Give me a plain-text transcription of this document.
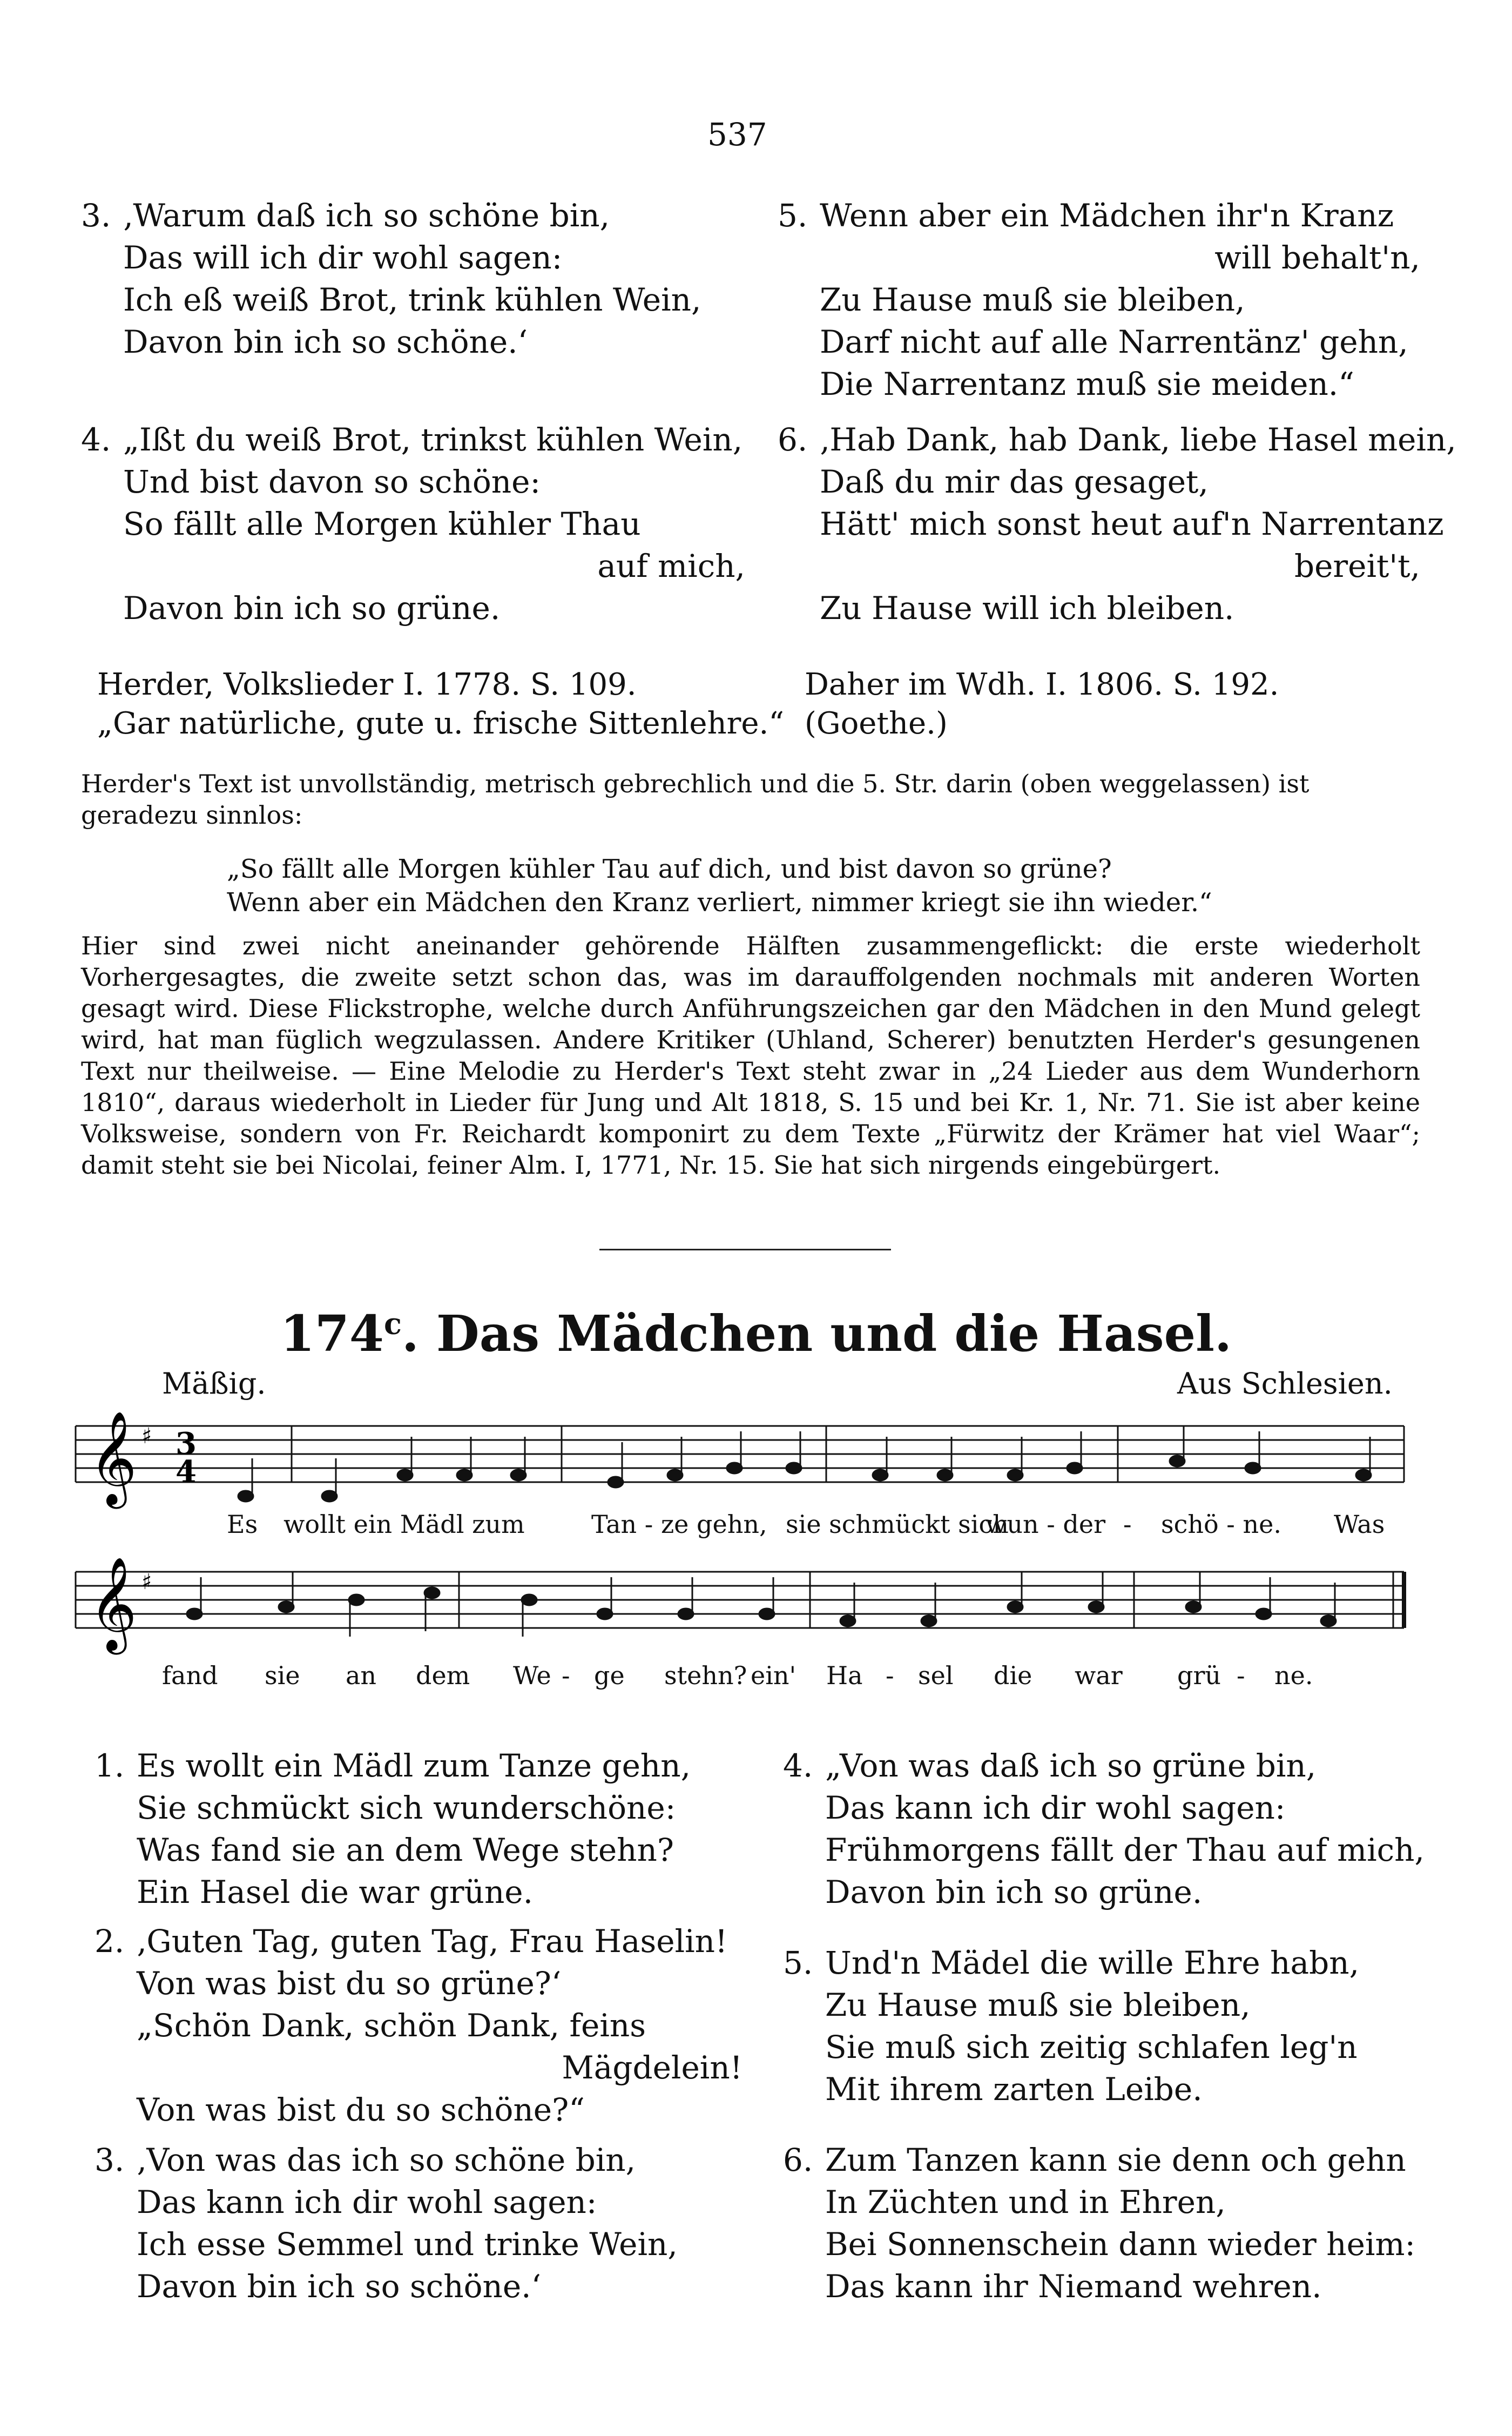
537
3. ‚Warum daß ich so schöne bin,
Das will ich dir wohl sagen:
Ich eß weiß Brot, trink kühlen Wein,
Davon bin ich so schöne.‘
4. „Ißt du weiß Brot, trinkst kühlen Wein,
Und bist davon so schöne:
So fällt alle Morgen kühler Thau
auf mich,
Davon bin ich so grüne.
5. Wenn aber ein Mädchen ihr'n Kranz
will behalt'n,
Zu Hause muß sie bleiben,
Darf nicht auf alle Narrentänz' gehn,
Die Narrentanz muß sie meiden.“
6. ‚Hab Dank, hab Dank, liebe Hasel mein,
Daß du mir das gesaget,
Hätt' mich sonst heut auf'n Narrentanz
bereit't,
Zu Hause will ich bleiben.
Herder, Volkslieder I. 1778. S. 109.
„Gar natürliche, gute u. frische Sittenlehre.“
Daher im Wdh. I. 1806. S. 192.
(Goethe.)
Herder's Text ist unvollständig, metrisch gebrechlich und die 5. Str. darin (oben weggelassen) ist geradezu sinnlos:
„So fällt alle Morgen kühler Tau auf dich, und bist davon so grüne?
Wenn aber ein Mädchen den Kranz verliert, nimmer kriegt sie ihn wieder.“
Hier sind zwei nicht aneinander gehörende Hälften zusammengeflickt: die erste wiederholt Vorhergesagtes, die zweite setzt schon das, was im darauffolgenden nochmals mit anderen Worten gesagt wird. Diese Flickstrophe, welche durch Anführungszeichen gar den Mädchen in den Mund gelegt wird, hat man füglich wegzulassen. Andere Kritiker (Uhland, Scherer) benutzten Herder's gesungenen Text nur theilweise. — Eine Melodie zu Herder's Text steht zwar in „24 Lieder aus dem Wunderhorn 1810“, daraus wiederholt in Lieder für Jung und Alt 1818, S. 15 und bei Kr. 1, Nr. 71. Sie ist aber keine Volksweise, sondern von Fr. Reichardt komponirt zu dem Texte „Fürwitz der Krämer hat viel Waar“; damit steht sie bei Nicolai, feiner Alm. I, 1771, Nr. 15. Sie hat sich nirgends eingebürgert.
174$^c$. Das Mädchen und die Hasel.
Mäßig.	Aus Schlesien.
𝄞 ♯ 3
4
Es wollt ein Mädl zum	Tan - ze gehn, sie schmückt sich
wun - der - schö - ne. Was
𝄞 ♯
fand sie an dem We - ge stehn? ein' Ha - sel die war grü - ne.
1. Es wollt ein Mädl zum Tanze gehn,
Sie schmückt sich wunderschöne:
Was fand sie an dem Wege stehn?
Ein Hasel die war grüne.
2. ‚Guten Tag, guten Tag, Frau Haselin!
Von was bist du so grüne?‘
„Schön Dank, schön Dank, feins
Mägdelein!
Von was bist du so schöne?“
3. ‚Von was das ich so schöne bin,
Das kann ich dir wohl sagen:
Ich esse Semmel und trinke Wein,
Davon bin ich so schöne.‘
4. „Von was daß ich so grüne bin,
Das kann ich dir wohl sagen:
Frühmorgens fällt der Thau auf mich,
Davon bin ich so grüne.
5. Und'n Mädel die wille Ehre habn,
Zu Hause muß sie bleiben,
Sie muß sich zeitig schlafen leg'n
Mit ihrem zarten Leibe.
6. Zum Tanzen kann sie denn och gehn
In Züchten und in Ehren,
Bei Sonnenschein dann wieder heim:
Das kann ihr Niemand wehren.
